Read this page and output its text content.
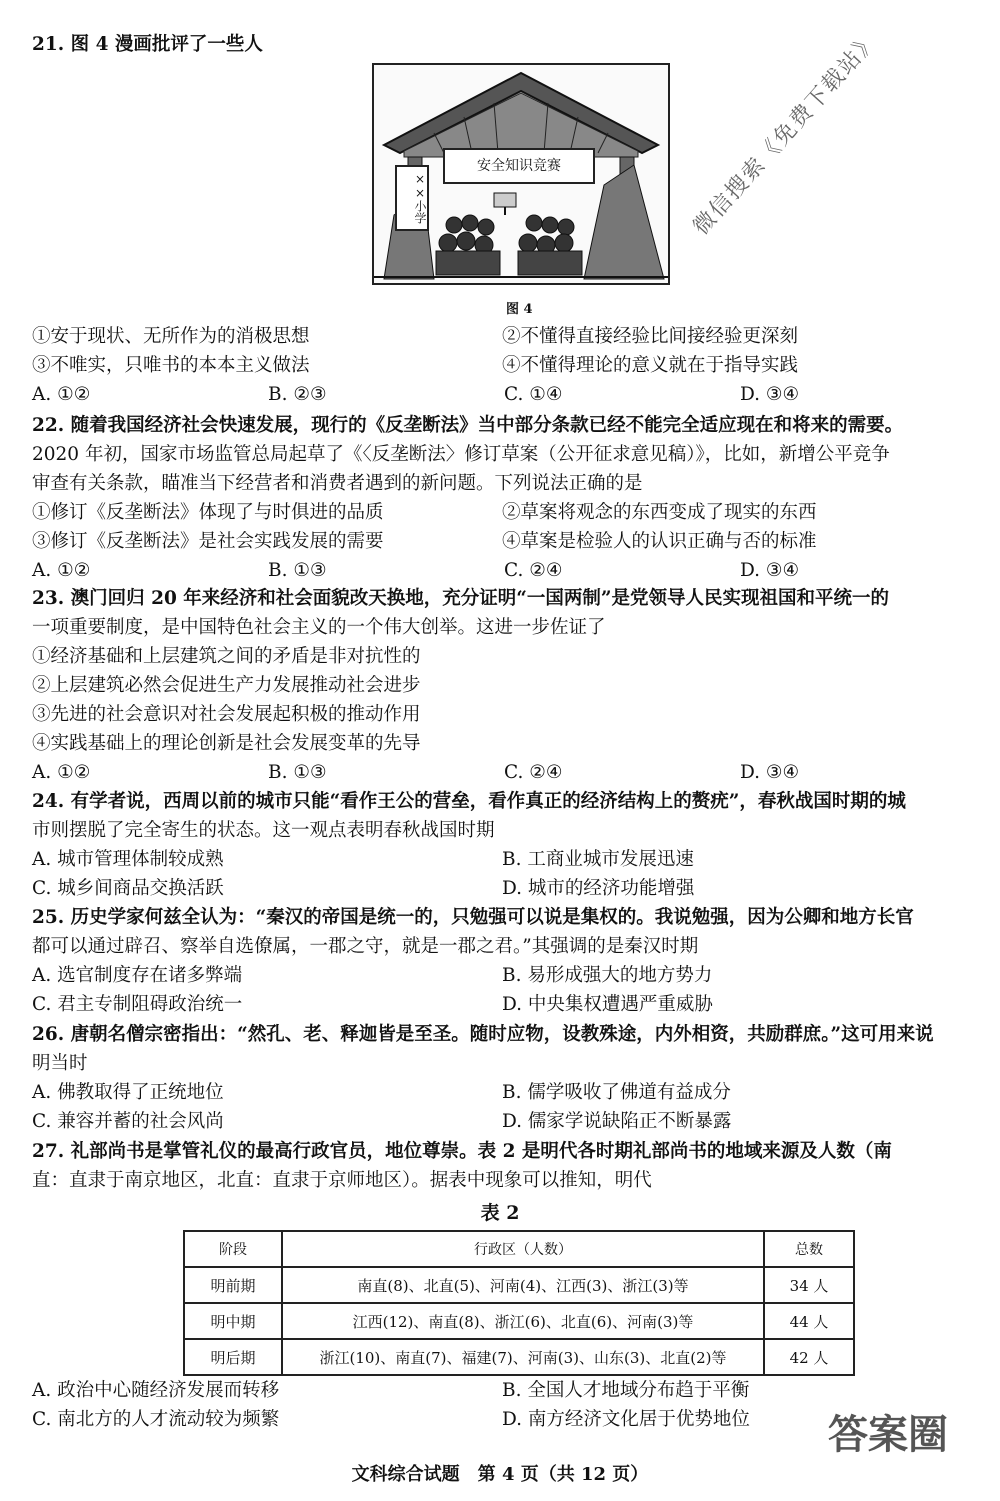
21. 图 4 漫画批评了一些人
安全知识竞赛
××小学
图 4
微信搜索《免费下载站》
①安于现状、无所作为的消极思想	②不懂得直接经验比间接经验更深刻
③不唯实，只唯书的本本主义做法	④不懂得理论的意义就在于指导实践
A. ①②	B. ②③	C. ①④	D. ③④
22. 随着我国经济社会快速发展，现行的《反垄断法》当中部分条款已经不能完全适应现在和将来的需要。
2020 年初，国家市场监管总局起草了《〈反垄断法〉修订草案（公开征求意见稿）》，比如，新增公平竞争
审查有关条款，瞄准当下经营者和消费者遇到的新问题。下列说法正确的是
①修订《反垄断法》体现了与时俱进的品质	②草案将观念的东西变成了现实的东西
③修订《反垄断法》是社会实践发展的需要	④草案是检验人的认识正确与否的标准
A. ①②	B. ①③	C. ②④	D. ③④
23. 澳门回归 20 年来经济和社会面貌改天换地，充分证明“一国两制”是党领导人民实现祖国和平统一的
一项重要制度，是中国特色社会主义的一个伟大创举。这进一步佐证了
①经济基础和上层建筑之间的矛盾是非对抗性的
②上层建筑必然会促进生产力发展推动社会进步
③先进的社会意识对社会发展起积极的推动作用
④实践基础上的理论创新是社会发展变革的先导
A. ①②	B. ①③	C. ②④	D. ③④
24. 有学者说，西周以前的城市只能“看作王公的营垒，看作真正的经济结构上的赘疣”，春秋战国时期的城
市则摆脱了完全寄生的状态。这一观点表明春秋战国时期
A. 城市管理体制较成熟	B. 工商业城市发展迅速
C. 城乡间商品交换活跃	D. 城市的经济功能增强
25. 历史学家何兹全认为：“秦汉的帝国是统一的，只勉强可以说是集权的。我说勉强，因为公卿和地方长官
都可以通过辟召、察举自选僚属，一郡之守，就是一郡之君。”其强调的是秦汉时期
A. 选官制度存在诸多弊端	B. 易形成强大的地方势力
C. 君主专制阻碍政治统一	D. 中央集权遭遇严重威胁
26. 唐朝名僧宗密指出：“然孔、老、释迦皆是至圣。随时应物，设教殊途，内外相资，共励群庶。”这可用来说
明当时
A. 佛教取得了正统地位	B. 儒学吸收了佛道有益成分
C. 兼容并蓄的社会风尚	D. 儒家学说缺陷正不断暴露
27. 礼部尚书是掌管礼仪的最高行政官员，地位尊崇。表 2 是明代各时期礼部尚书的地域来源及人数（南
直：直隶于南京地区，北直：直隶于京师地区）。据表中现象可以推知，明代
表 2
阶段	行政区（人数）	总数
明前期	南直(8)、北直(5)、河南(4)、江西(3)、浙江(3)等	34 人
明中期	江西(12)、南直(8)、浙江(6)、北直(6)、河南(3)等	44 人
明后期	浙江(10)、南直(7)、福建(7)、河南(3)、山东(3)、北直(2)等	42 人
A. 政治中心随经济发展而转移	B. 全国人才地域分布趋于平衡
C. 南北方的人才流动较为频繁	D. 南方经济文化居于优势地位
文科综合试题　第 4 页（共 12 页）
答案圈
